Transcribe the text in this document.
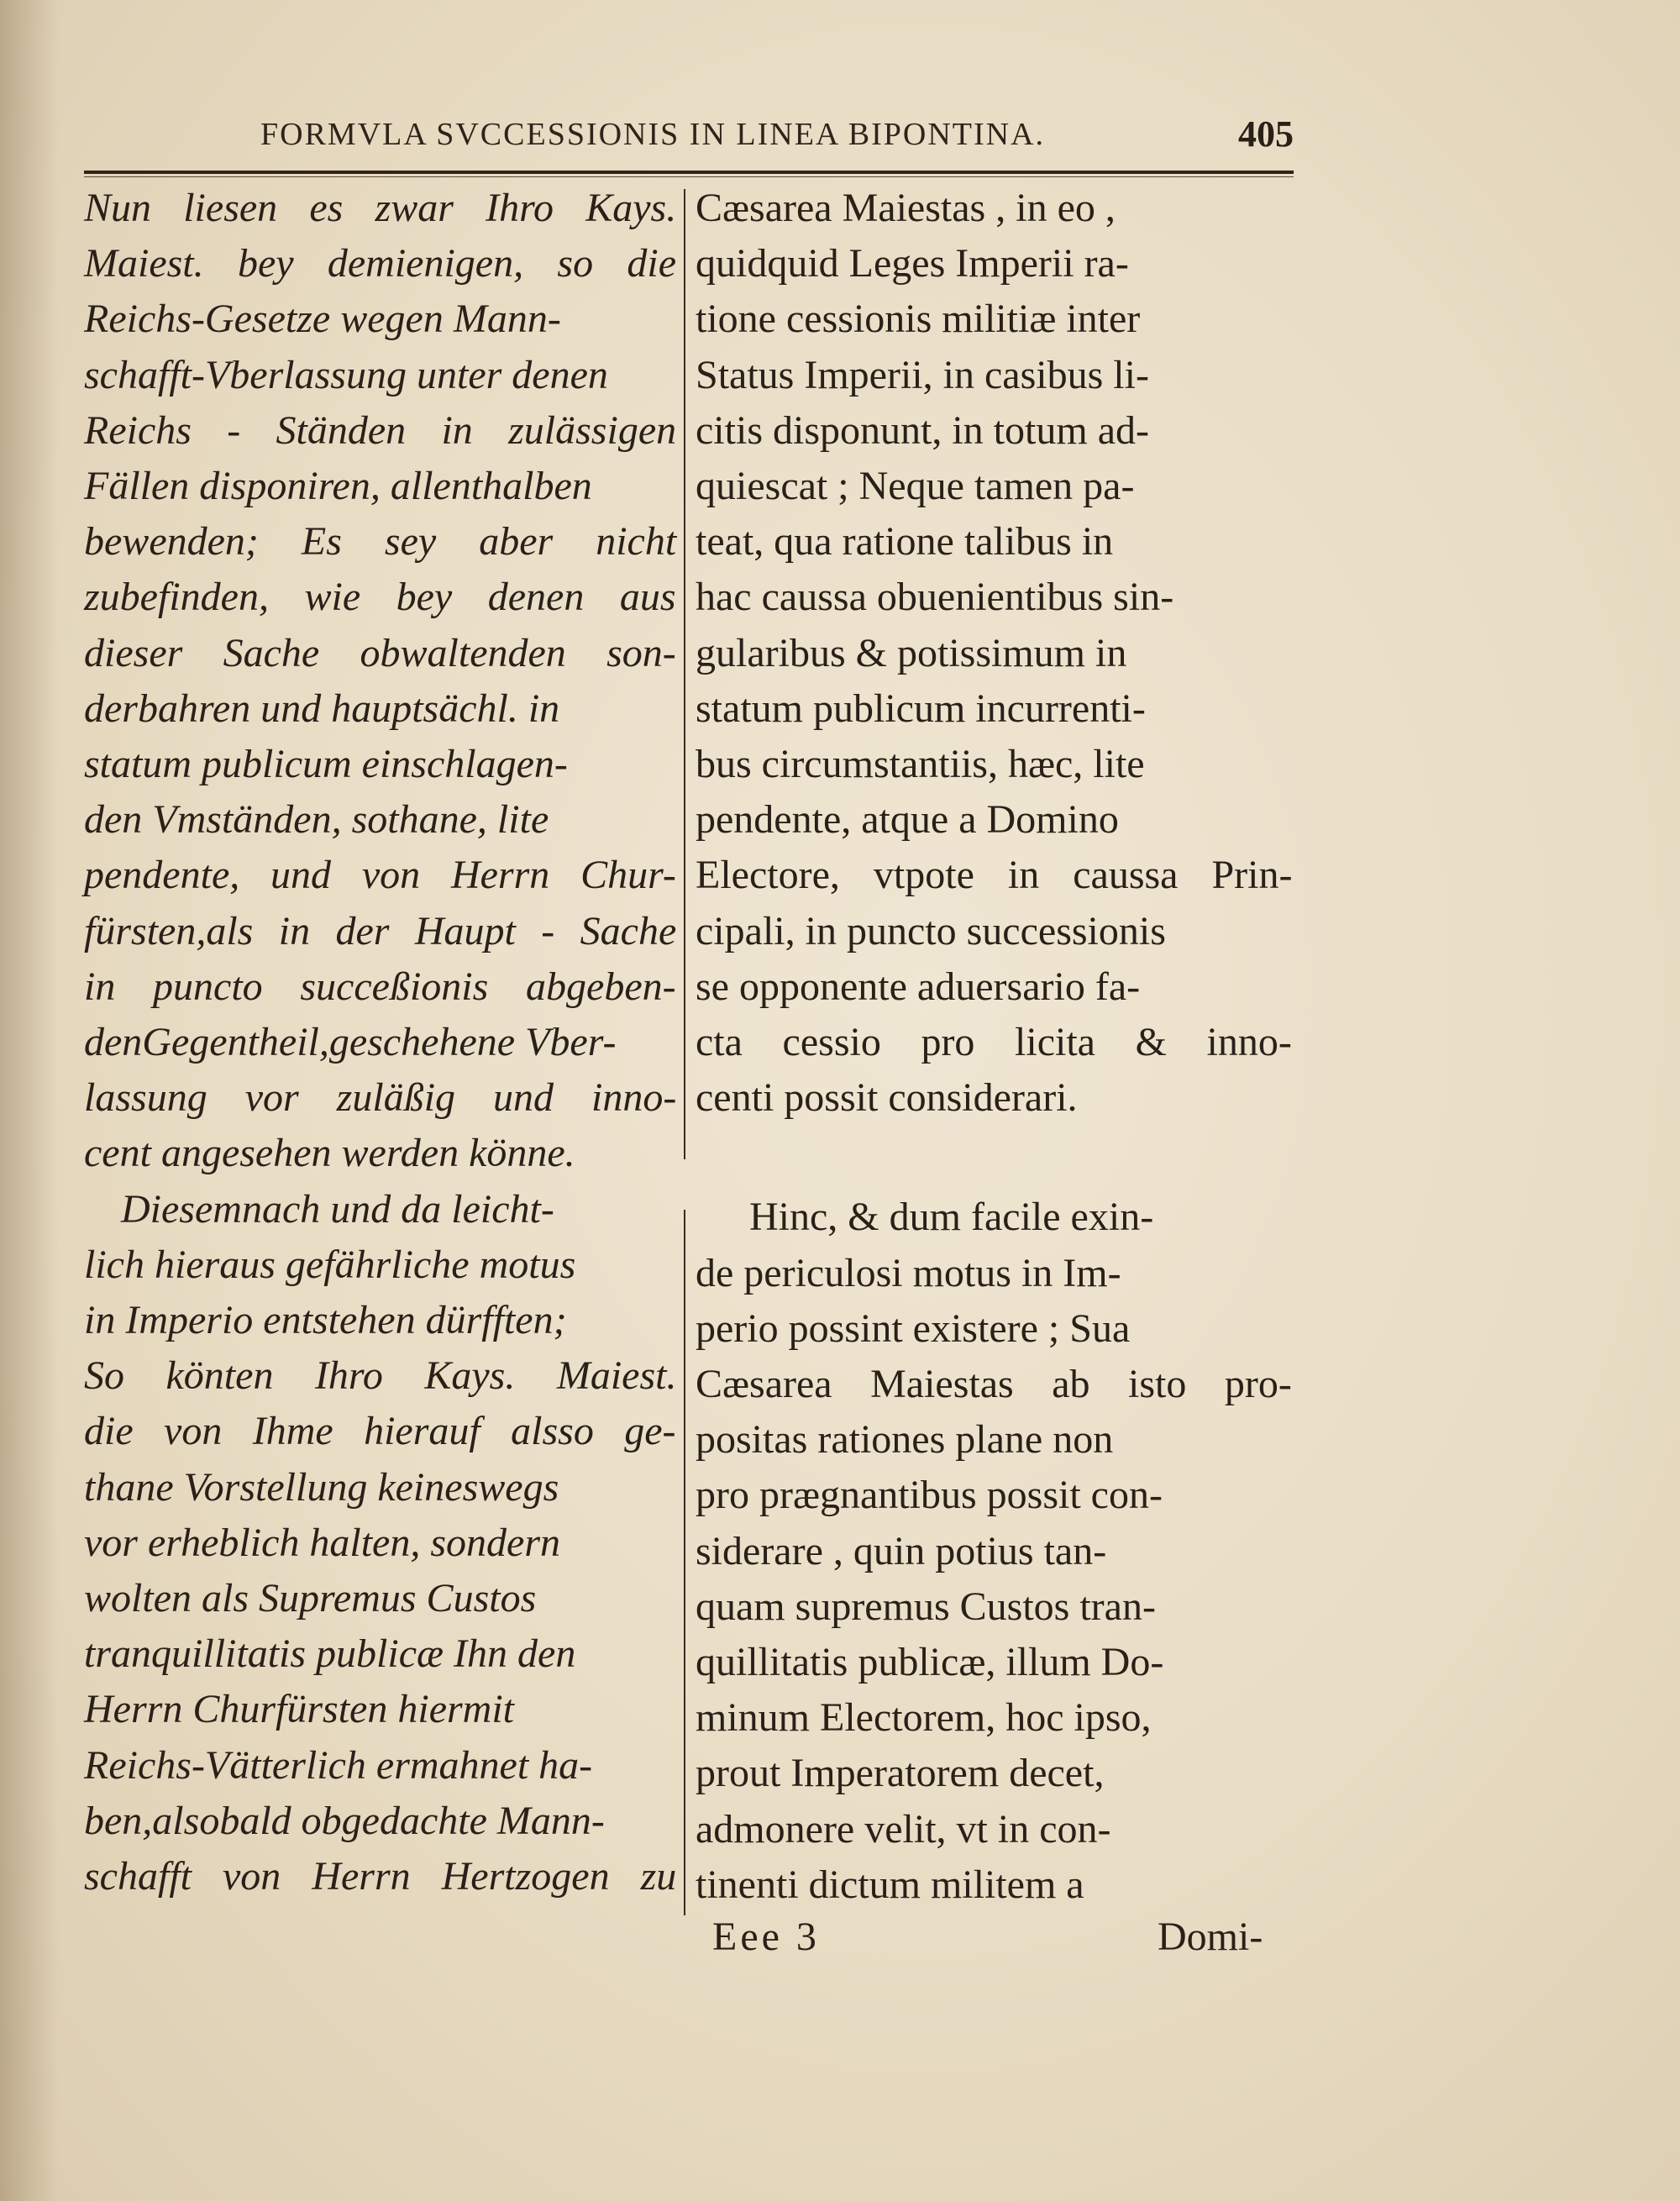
FORMVLA SVCCESSIONIS IN LINEA BIPONTINA.	405
Nun liesen es zwar Ihro Kays.
Maiest. bey demienigen, so die
Reichs-Gesetze wegen Mann-
schafft-Vberlassung unter denen
Reichs - Ständen in zulässigen
Fällen disponiren, allenthalben
bewenden; Es sey aber nicht
zubefinden, wie bey denen aus
dieser Sache obwaltenden son-
derbahren und hauptsächl. in
statum publicum einschlagen-
den Vmständen, sothane, lite
pendente, und von Herrn Chur-
fürsten,als in der Haupt - Sache
in puncto succeßionis abgeben-
denGegentheil,geschehene Vber-
lassung vor zuläßig und inno-
cent angesehen werden könne.
Diesemnach und da leicht-
lich hieraus gefährliche motus
in Imperio entstehen dürfften;
So könten Ihro Kays. Maiest.
die von Ihme hierauf alsso ge-
thane Vorstellung keineswegs
vor erheblich halten, sondern
wolten als Supremus Custos
tranquillitatis publicæ Ihn den
Herrn Churfürsten hiermit
Reichs-Vätterlich ermahnet ha-
ben,alsobald obgedachte Mann-
schafft von Herrn Hertzogen zu
Cæsarea Maiestas , in eo ,
quidquid Leges Imperii ra-
tione cessionis militiæ inter
Status Imperii, in casibus li-
citis disponunt, in totum ad-
quiescat ; Neque tamen pa-
teat, qua ratione talibus in
hac caussa obuenientibus sin-
gularibus & potissimum in
statum publicum incurrenti-
bus circumstantiis, hæc, lite
pendente, atque a Domino
Electore, vtpote in caussa Prin-
cipali, in puncto successionis
se opponente aduersario fa-
cta cessio pro licita & inno-
centi possit considerari.
Hinc, & dum facile exin-
de periculosi motus in Im-
perio possint existere ; Sua
Cæsarea Maiestas ab isto pro-
positas rationes plane non
pro prægnantibus possit con-
siderare , quin potius tan-
quam supremus Custos tran-
quillitatis publicæ, illum Do-
minum Electorem, hoc ipso,
prout Imperatorem decet,
admonere velit, vt in con-
tinenti dictum militem a
Eee 3	Domi-
